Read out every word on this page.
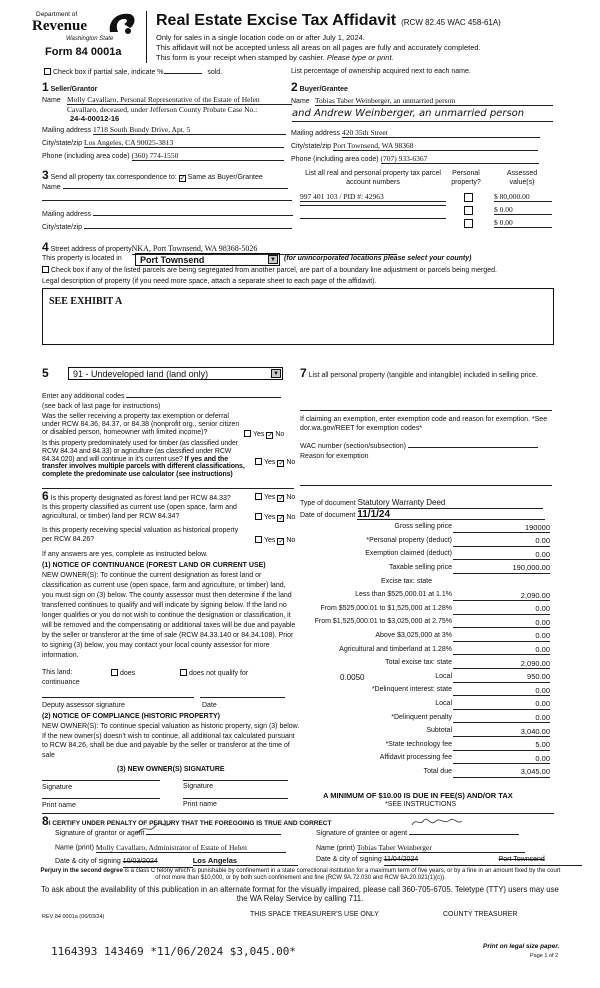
Department of
Revenue
Washington State
Form 84 0001a
Real Estate Excise Tax Affidavit (RCW 82.45 WAC 458-61A)
Only for sales in a single location code on or after July 1, 2024.
This affidavit will not be accepted unless all areas on all pages are fully and accurately completed.
This form is your receipt when stamped by cashier. Please type or print.
Check box if partial sale, indicate %	sold.	List percentage of ownership acquired next to each name.
1 Seller/Grantor
Name Molly Cavallaro, Personal Representative of the Estate of Helen
Cavallaro, deceased, under Jefferson County Probate Case No.:
24-4-00012-16
Mailing address 1718 South Bundy Drive, Apt. 5
City/state/zip Los Angeles, CA 90025-3813
Phone (including area code) (360) 774-1550
2 Buyer/Grantee
Name Tobias Taber Weinberger, an unmarried person
and Andrew Weinberger, an unmarried person
Mailing address 420 35th Street
City/state/zip Port Townsend, WA 98368
Phone (including area code) (707) 933-6367
3 Send all property tax correspondence to: ✓ Same as Buyer/Grantee
Name
Mailing address
City/state/zip
List all real and personal property tax parcel account numbers
Personal property?
Assessed value(s)
997 401 103 / PID #: 42963	$ 80,000.00
$ 0.00
$ 0.00
4 Street address of propertyNKA, Port Townsend, WA 98368-5026
This property is located in	Port Townsend	▼ (for unincorporated locations please select your county)
Check box if any of the listed parcels are being segregated from another parcel, are part of a boundary line adjustment or parcels being merged.
Legal description of property (if you need more space, attach a separate sheet to each page of the affidavit).
SEE EXHIBIT A
5	91 - Undeveloped land (land only)	▼
Enter any additional codes
(see back of last page for instructions)
Was the seller receiving a property tax exemption or deferral under RCW 84.36, 84.37, or 84.38 (nonprofit org., senior citizen or disabled person, homeowner with limited income)?	Yes ✓ No
Is this property predominately used for timber (as classified under RCW 84.34 and 84.33) or agriculture (as classified under RCW 84.34.020) and will continue in it's current use? If yes and the transfer involves multiple parcels with different classifications, complete the predominate use calculator (see instructions)
Yes ✓ No
6 Is this property designated as forest land per RCW 84.33?	Yes ✓ No
Is this property classified as current use (open space, farm and agricultural, or timber) land per RCW 84.34?	Yes ✓ No
Is this property receiving special valuation as historical property per RCW 84.26?	Yes ✓ No
If any answers are yes, complete as instructed below.
(1) NOTICE OF CONTINUANCE (FOREST LAND OR CURRENT USE)
NEW OWNER(S): To continue the current designation as forest land or classification as current use (open space, farm and agriculture, or timber) land, you must sign on (3) below. The county assessor must then determine if the land transferred continues to qualify and will indicate by signing below. If the land no longer qualifies or you do not wish to continue the designation or classification, it will be removed and the compensating or additional taxes will be due and payable by the seller or transferor at the time of sale (RCW 84.33.140 or 84.34.108). Prior to signing (3) below, you may contact your local county assessor for more information.
This land:
continuance
does	does not qualify for
Deputy assessor signature	Date
(2) NOTICE OF COMPLIANCE (HISTORIC PROPERTY)
NEW OWNER(S): To continue special valuation as historic property, sign (3) below. If the new owner(s) doesn't wish to continue, all additional tax calculated pursuant to RCW 84.26, shall be due and payable by the seller or transferor at the time of sale
(3) NEW OWNER(S) SIGNATURE
Signature	Signature
Print name	Print name
7 List all personal property (tangible and intangible) included in selling price.
If claiming an exemption, enter exemption code and reason for exemption. *See dor.wa.gov/REET for exemption codes*
WAC number (section/subsection)
Reason for exemption
Type of document Statutory Warranty Deed
Date of document 11/1/24
Gross selling price	190000
*Personal property (deduct)	0.00
Exemption claimed (deduct)	0.00
Taxable selling price	190,000.00
Excise tax: state
Less than $525,000.01 at 1.1%	2,090.00
From $525,000.01 to $1,525,000 at 1.28%	0.00
From $1,525,000.01 to $3,025,000 at 2.75%	0.00
Above $3,025,000 at 3%	0.00
Agricultural and timberland at 1.28%	0.00
Total excise tax: state	2,090.00
Local	950.00
0.0050
*Delinquent interest: state	0.00
Local	0.00
*Delinquent penalty	0.00
Subtotal	3,040.00
*State technology fee	5.00
Affidavit processing fee	0.00
Total due	3,045.00
A MINIMUM OF $10.00 IS DUE IN FEE(S) AND/OR TAX
*SEE INSTRUCTIONS
8I CERTIFY UNDER PENALTY OF PERJURY THAT THE FOREGOING IS TRUE AND CORRECT
Signature of grantor or agent	Signature of grantee or agent
Name (print) Molly Cavallaro, Administrator of Estate of Helen	Name (print) Tobias Taber Weinberger
Date & city of signing 10/03/2024	Los Angelas	Date & city of signing 11/04/2024	Port Townsend
Perjury in the second degree is a class C felony which is punishable by confinement in a state correctional institution for a maximum term of five years, or by a fine in an amount fixed by the court of not more than $10,000, or by both such confinement and fine (RCW 9A.72.030 and RCW 9A.20.021(1)(c)).
To ask about the availability of this publication in an alternate format for the visually impaired, please call 360-705-6705. Teletype (TTY) users may use the WA Relay Service by calling 711.
REV 84 0001a (06/03/24)	THIS SPACE TREASURER'S USE ONLY	COUNTY TREASURER
1164393 143469 *11/06/2024 $3,045.00*	Print on legal size paper.
Page 1 of 2
